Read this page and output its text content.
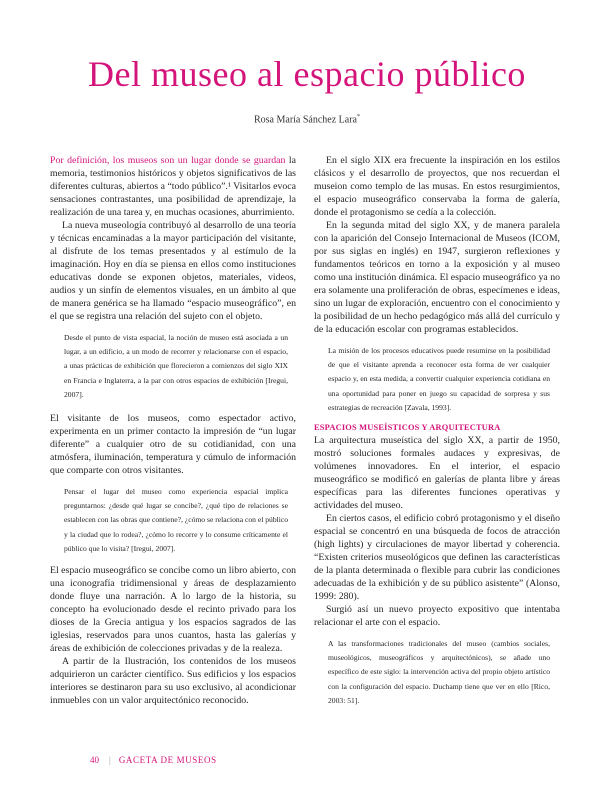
Del museo al espacio público
Rosa María Sánchez Lara*

Por definición, los museos son un lugar donde se guardan la memoria, testimonios históricos y objetos significativos de las diferentes culturas, abiertos a “todo público”.¹ Visitarlos evoca sensaciones contrastantes, una posibilidad de aprendizaje, la realización de una tarea y, en muchas ocasiones, aburrimiento.

La nueva museología contribuyó al desarrollo de una teoría y técnicas encaminadas a la mayor participación del visitante, al disfrute de los temas presentados y al estímulo de la imaginación. Hoy en día se piensa en ellos como instituciones educativas donde se exponen objetos, materiales, videos, audios y un sinfín de elementos visuales, en un ámbito al que de manera genérica se ha llamado “espacio museográfico”, en el que se registra una relación del sujeto con el objeto.

Desde el punto de vista espacial, la noción de museo está asociada a un lugar, a un edificio, a un modo de recorrer y relacionarse con el espacio, a unas prácticas de exhibición que florecieron a comienzos del siglo XIX en Francia e Inglaterra, a la par con otros espacios de exhibición [Iregui, 2007].

El visitante de los museos, como espectador activo, experimenta en un primer contacto la impresión de “un lugar diferente” a cualquier otro de su cotidianidad, con una atmósfera, iluminación, temperatura y cúmulo de información que comparte con otros visitantes.

Pensar el lugar del museo como experiencia espacial implica preguntarnos: ¿desde qué lugar se concibe?, ¿qué tipo de relaciones se establecen con las obras que contiene?, ¿cómo se relaciona con el público y la ciudad que lo rodea?, ¿cómo lo recorre y lo consume críticamente el público que lo visita? [Iregui, 2007].

El espacio museográfico se concibe como un libro abierto, con una iconografía tridimensional y áreas de desplazamiento donde fluye una narración. A lo largo de la historia, su concepto ha evolucionado desde el recinto privado para los dioses de la Grecia antigua y los espacios sagrados de las iglesias, reservados para unos cuantos, hasta las galerías y áreas de exhibición de colecciones privadas y de la realeza.

A partir de la Ilustración, los contenidos de los museos adquirieron un carácter científico. Sus edificios y los espacios interiores se destinaron para su uso exclusivo, al acondicionar inmuebles con un valor arquitectónico reconocido.

En el siglo XIX era frecuente la inspiración en los estilos clásicos y el desarrollo de proyectos, que nos recuerdan el museion como templo de las musas. En estos resurgimientos, el espacio museográfico conservaba la forma de galería, donde el protagonismo se cedía a la colección.

En la segunda mitad del siglo XX, y de manera paralela con la aparición del Consejo Internacional de Museos (ICOM, por sus siglas en inglés) en 1947, surgieron reflexiones y fundamentos teóricos en torno a la exposición y al museo como una institución dinámica. El espacio museográfico ya no era solamente una proliferación de obras, especímenes e ideas, sino un lugar de exploración, encuentro con el conocimiento y la posibilidad de un hecho pedagógico más allá del currículo y de la educación escolar con programas establecidos.

La misión de los procesos educativos puede resumirse en la posibilidad de que el visitante aprenda a reconocer esta forma de ver cualquier espacio y, en esta medida, a convertir cualquier experiencia cotidiana en una oportunidad para poner en juego su capacidad de sorpresa y sus estrategias de recreación [Zavala, 1993].

ESPACIOS MUSEÍSTICOS Y ARQUITECTURA

La arquitectura museística del siglo XX, a partir de 1950, mostró soluciones formales audaces y expresivas, de volúmenes innovadores. En el interior, el espacio museográfico se modificó en galerías de planta libre y áreas específicas para las diferentes funciones operativas y actividades del museo.

En ciertos casos, el edificio cobró protagonismo y el diseño espacial se concentró en una búsqueda de focos de atracción (high lights) y circulaciones de mayor libertad y coherencia. “Existen criterios museológicos que definen las características de la planta determinada o flexible para cubrir las condiciones adecuadas de la exhibición y de su público asistente” (Alonso, 1999: 280).

Surgió así un nuevo proyecto expositivo que intentaba relacionar el arte con el espacio.

A las transformaciones tradicionales del museo (cambios sociales, museológicos, museográficos y arquitectónicos), se añade uno específico de este siglo: la intervención activa del propio objeto artístico con la configuración del espacio. Duchamp tiene que ver en ello [Rico, 2003: 51].

40 | GACETA DE MUSEOS
